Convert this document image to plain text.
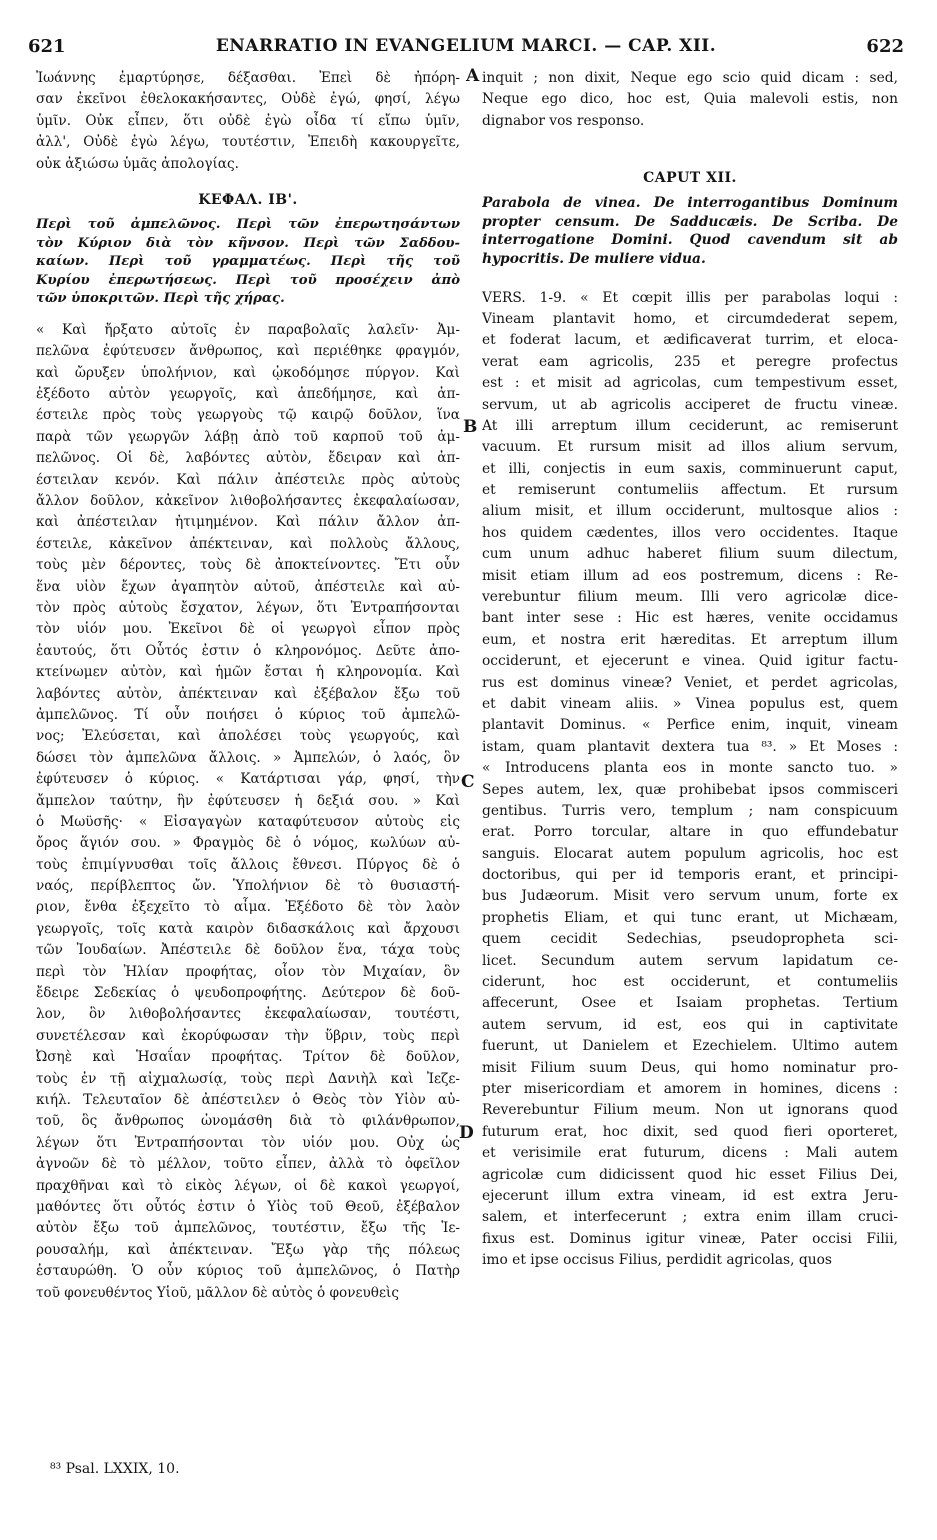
621	ENARRATIO IN EVANGELIUM MARCI. — CAP. XII.	622
A
B
C
D
Ἰωάννης ἐμαρτύρησε, δέξασθαι. Ἐπεὶ δὲ ἠπόρη-
σαν ἐκεῖνοι ἐθελοκακήσαντες, Οὐδὲ ἐγώ, φησί, λέγω
ὑμῖν. Οὐκ εἶπεν, ὅτι οὐδὲ ἐγὼ οἶδα τί εἴπω ὑμῖν,
ἀλλ', Οὐδὲ ἐγὼ λέγω, τουτέστιν, Ἐπειδὴ κακουργεῖτε,
οὐκ ἀξιώσω ὑμᾶς ἀπολογίας.
ΚΕΦΑΛ. ΙΒ'.
Περὶ τοῦ ἀμπελῶνος. Περὶ τῶν ἐπερωτησάντων
τὸν Κύριον διὰ τὸν κῆνσον. Περὶ τῶν Σαδδου-
καίων. Περὶ τοῦ γραμματέως. Περὶ τῆς τοῦ
Κυρίου ἐπερωτήσεως. Περὶ τοῦ προσέχειν ἀπὸ
τῶν ὑποκριτῶν. Περὶ τῆς χήρας.
« Καὶ ἤρξατο αὐτοῖς ἐν παραβολαῖς λαλεῖν· Ἀμ-
πελῶνα ἐφύτευσεν ἄνθρωπος, καὶ περιέθηκε φραγμόν,
καὶ ὤρυξεν ὑπολήνιον, καὶ ᾠκοδόμησε πύργον. Καὶ
ἐξέδοτο αὐτὸν γεωργοῖς, καὶ ἀπεδήμησε, καὶ ἀπ-
έστειλε πρὸς τοὺς γεωργοὺς τῷ καιρῷ δοῦλον, ἵνα
παρὰ τῶν γεωργῶν λάβῃ ἀπὸ τοῦ καρποῦ τοῦ ἀμ-
πελῶνος. Οἱ δὲ, λαβόντες αὐτὸν, ἔδειραν καὶ ἀπ-
έστειλαν κενόν. Καὶ πάλιν ἀπέστειλε πρὸς αὐτοὺς
ἄλλον δοῦλον, κἀκεῖνον λιθοβολήσαντες ἐκεφαλαίωσαν,
καὶ ἀπέστειλαν ἠτιμημένον. Καὶ πάλιν ἄλλον ἀπ-
έστειλε, κἀκεῖνον ἀπέκτειναν, καὶ πολλοὺς ἄλλους,
τοὺς μὲν δέροντες, τοὺς δὲ ἀποκτείνοντες. Ἔτι οὖν
ἕνα υἱὸν ἔχων ἀγαπητὸν αὐτοῦ, ἀπέστειλε καὶ αὐ-
τὸν πρὸς αὐτοὺς ἔσχατον, λέγων, ὅτι Ἐντραπήσονται
τὸν υἱόν μου. Ἐκεῖνοι δὲ οἱ γεωργοὶ εἶπον πρὸς
ἑαυτούς, ὅτι Οὗτός ἐστιν ὁ κληρονόμος. Δεῦτε ἀπο-
κτείνωμεν αὐτὸν, καὶ ἡμῶν ἔσται ἡ κληρονομία. Καὶ
λαβόντες αὐτὸν, ἀπέκτειναν καὶ ἐξέβαλον ἔξω τοῦ
ἀμπελῶνος. Τί οὖν ποιήσει ὁ κύριος τοῦ ἀμπελῶ-
νος; Ἐλεύσεται, καὶ ἀπολέσει τοὺς γεωργούς, καὶ
δώσει τὸν ἀμπελῶνα ἄλλοις. » Ἀμπελών, ὁ λαός, ὃν
ἐφύτευσεν ὁ κύριος. « Κατάρτισαι γάρ, φησί, τὴν
ἄμπελον ταύτην, ἣν ἐφύτευσεν ἡ δεξιά σου. » Καὶ
ὁ Μωϋσῆς· « Εἰσαγαγὼν καταφύτευσον αὐτοὺς εἰς
ὄρος ἅγιόν σου. » Φραγμὸς δὲ ὁ νόμος, κωλύων αὐ-
τοὺς ἐπιμίγνυσθαι τοῖς ἄλλοις ἔθνεσι. Πύργος δὲ ὁ
ναός, περίβλεπτος ὤν. Ὑπολήνιον δὲ τὸ θυσιαστή-
ριον, ἔνθα ἐξεχεῖτο τὸ αἷμα. Ἐξέδοτο δὲ τὸν λαὸν
γεωργοῖς, τοῖς κατὰ καιρὸν διδασκάλοις καὶ ἄρχουσι
τῶν Ἰουδαίων. Ἀπέστειλε δὲ δοῦλον ἕνα, τάχα τοὺς
περὶ τὸν Ἠλίαν προφήτας, οἷον τὸν Μιχαίαν, ὃν
ἔδειρε Σεδεκίας ὁ ψευδοπροφήτης. Δεύτερον δὲ δοῦ-
λον, ὃν λιθοβολήσαντες ἐκεφαλαίωσαν, τουτέστι,
συνετέλεσαν καὶ ἐκορύφωσαν τὴν ὕβριν, τοὺς περὶ
Ὠσηὲ καὶ Ἡσαΐαν προφήτας. Τρίτον δὲ δοῦλον,
τοὺς ἐν τῇ αἰχμαλωσίᾳ, τοὺς περὶ Δανιὴλ καὶ Ἰεζε-
κιήλ. Τελευταῖον δὲ ἀπέστειλεν ὁ Θεὸς τὸν Υἱὸν αὐ-
τοῦ, ὃς ἄνθρωπος ὠνομάσθη διὰ τὸ φιλάνθρωπον,
λέγων ὅτι Ἐντραπήσονται τὸν υἱόν μου. Οὐχ ὡς
ἀγνοῶν δὲ τὸ μέλλον, τοῦτο εἶπεν, ἀλλὰ τὸ ὀφεῖλον
πραχθῆναι καὶ τὸ εἰκὸς λέγων, οἱ δὲ κακοὶ γεωργοί,
μαθόντες ὅτι οὗτός ἐστιν ὁ Υἱὸς τοῦ Θεοῦ, ἐξέβαλον
αὐτὸν ἔξω τοῦ ἀμπελῶνος, τουτέστιν, ἔξω τῆς Ἱε-
ρουσαλήμ, καὶ ἀπέκτειναν. Ἔξω γὰρ τῆς πόλεως
ἐσταυρώθη. Ὁ οὖν κύριος τοῦ ἀμπελῶνος, ὁ Πατὴρ
τοῦ φονευθέντος Υἱοῦ, μᾶλλον δὲ αὐτὸς ὁ φονευθεὶς
inquit ; non dixit, Neque ego scio quid dicam : sed,
Neque ego dico, hoc est, Quia malevoli estis, non
dignabor vos responso.
CAPUT XII.
Parabola de vinea. De interrogantibus Dominum
propter censum. De Sadducæis. De Scriba. De
interrogatione Domini. Quod cavendum sit ab
hypocritis. De muliere vidua.
VERS. 1-9. « Et cœpit illis per parabolas loqui :
Vineam plantavit homo, et circumdederat sepem,
et foderat lacum, et ædificaverat turrim, et eloca-
verat eam agricolis, 235 et peregre profectus
est : et misit ad agricolas, cum tempestivum esset,
servum, ut ab agricolis acciperet de fructu vineæ.
At illi arreptum illum ceciderunt, ac remiserunt
vacuum. Et rursum misit ad illos alium servum,
et illi, conjectis in eum saxis, comminuerunt caput,
et remiserunt contumeliis affectum. Et rursum
alium misit, et illum occiderunt, multosque alios :
hos quidem cædentes, illos vero occidentes. Itaque
cum unum adhuc haberet filium suum dilectum,
misit etiam illum ad eos postremum, dicens : Re-
verebuntur filium meum. Illi vero agricolæ dice-
bant inter sese : Hic est hæres, venite occidamus
eum, et nostra erit hæreditas. Et arreptum illum
occiderunt, et ejecerunt e vinea. Quid igitur factu-
rus est dominus vineæ? Veniet, et perdet agricolas,
et dabit vineam aliis. » Vinea populus est, quem
plantavit Dominus. « Perfice enim, inquit, vineam
istam, quam plantavit dextera tua ⁸³. » Et Moses :
« Introducens planta eos in monte sancto tuo. »
Sepes autem, lex, quæ prohibebat ipsos commisceri
gentibus. Turris vero, templum ; nam conspicuum
erat. Porro torcular, altare in quo effundebatur
sanguis. Elocarat autem populum agricolis, hoc est
doctoribus, qui per id temporis erant, et principi-
bus Judæorum. Misit vero servum unum, forte ex
prophetis Eliam, et qui tunc erant, ut Michæam,
quem cecidit Sedechias, pseudopropheta sci-
licet. Secundum autem servum lapidatum ce-
ciderunt, hoc est occiderunt, et contumeliis
affecerunt, Osee et Isaiam prophetas. Tertium
autem servum, id est, eos qui in captivitate
fuerunt, ut Danielem et Ezechielem. Ultimo autem
misit Filium suum Deus, qui homo nominatur pro-
pter misericordiam et amorem in homines, dicens :
Reverebuntur Filium meum. Non ut ignorans quod
futurum erat, hoc dixit, sed quod fieri oporteret,
et verisimile erat futurum, dicens : Mali autem
agricolæ cum didicissent quod hic esset Filius Dei,
ejecerunt illum extra vineam, id est extra Jeru-
salem, et interfecerunt ; extra enim illam cruci-
fixus est. Dominus igitur vineæ, Pater occisi Filii,
imo et ipse occisus Filius, perdidit agricolas, quos
⁸³ Psal. LXXIX, 10.
